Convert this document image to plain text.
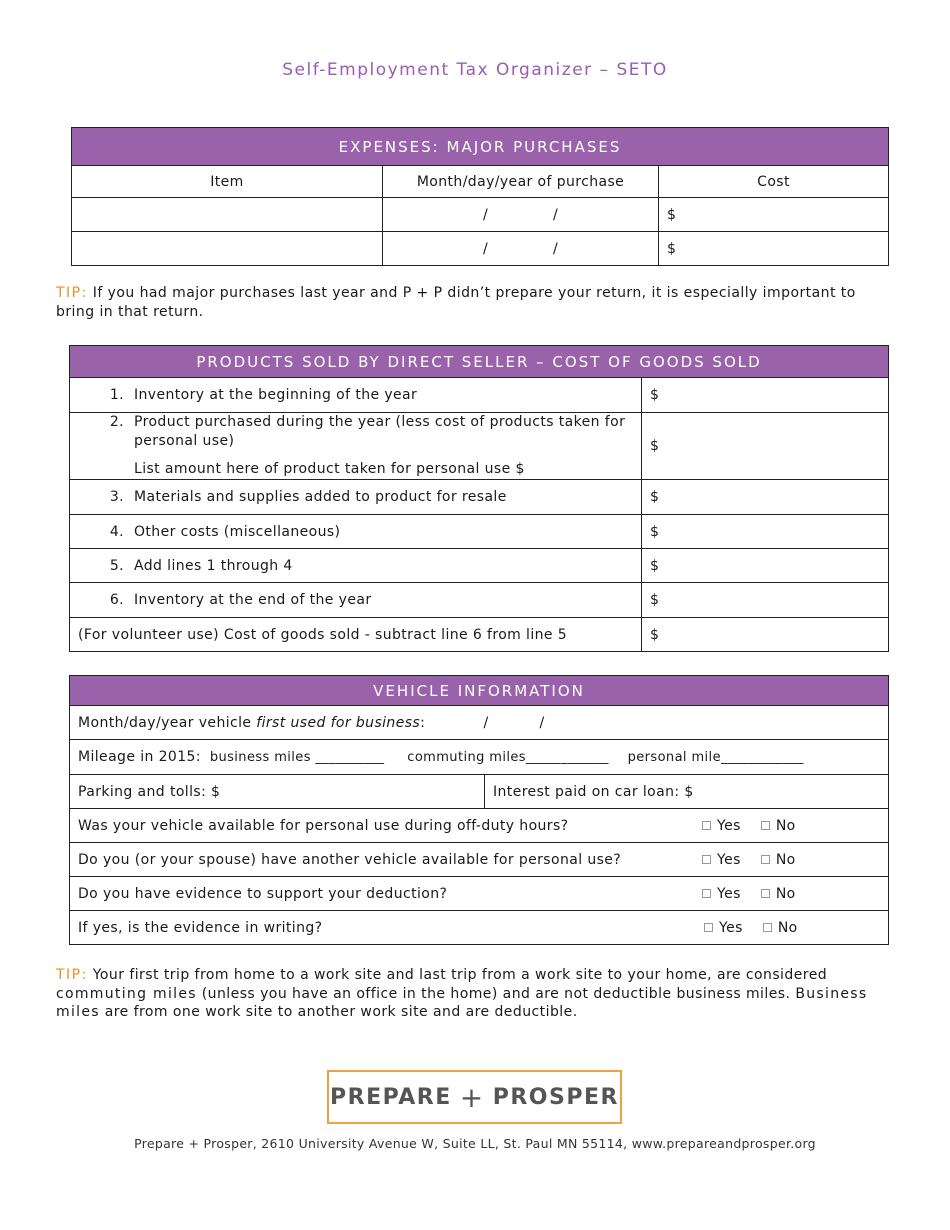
Self-Employment Tax Organizer – SETO
EXPENSES: MAJOR PURCHASES		
Item	Month/day/year of purchase	Cost
	/ /	$
	/ /	$
TIP: If you had major purchases last year and P + P didn’t prepare your return, it is especially important to bring in that return.
PRODUCTS SOLD BY DIRECT SELLER – COST OF GOODS SOLD	
1. Inventory at the beginning of the year	$

2. Product purchased during the year (less cost of products taken for personal use)
List amount here of product taken for personal use $	$
3. Materials and supplies added to product for resale	$
4. Other costs (miscellaneous)	$
5. Add lines 1 through 4	$
6. Inventory at the end of the year	$
(For volunteer use) Cost of goods sold - subtract line 6 from line 5	$
VEHICLE INFORMATION
Month/day/year vehicle first used for business:	/	/
Mileage in 2015: business miles __________ commuting miles____________ personal mile____________
Parking and tolls: $	Interest paid on car loan: $
Was your vehicle available for personal use during off-duty hours?	Yes	No

Do you (or your spouse) have another vehicle available for personal use?	Yes	No

Do you have evidence to support your deduction?	Yes	No

If yes, is the evidence in writing?	Yes	No
TIP: Your first trip from home to a work site and last trip from a work site to your home, are considered commuting miles (unless you have an office in the home) and are not deductible business miles. Business miles are from one work site to another work site and are deductible.
PREPARE + PROSPER
Prepare + Prosper, 2610 University Avenue W, Suite LL, St. Paul MN 55114, www.prepareandprosper.org
